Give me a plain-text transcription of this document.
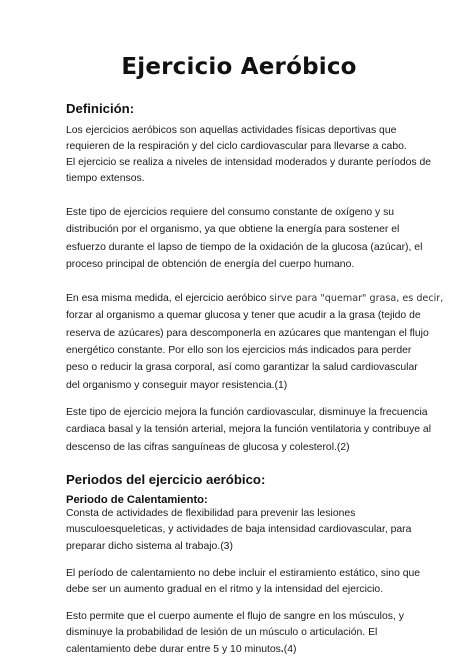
Ejercicio Aeróbico
Definición:

Los ejercicios aeróbicos son aquellas actividades físicas deportivas que
requieren de la respiración y del ciclo cardiovascular para llevarse a cabo.
El ejercicio se realiza a niveles de intensidad moderados y durante períodos de
tiempo extensos.

Este tipo de ejercicios requiere del consumo constante de oxígeno y su
distribución por el organismo, ya que obtiene la energía para sostener el
esfuerzo durante el lapso de tiempo de la oxidación de la glucosa (azúcar), el
proceso principal de obtención de energía del cuerpo humano.

En esa misma medida, el ejercicio aeróbico sirve para "quemar" grasa, es decir,
forzar al organismo a quemar glucosa y tener que acudir a la grasa (tejido de
reserva de azúcares) para descomponerla en azúcares que mantengan el flujo
energético constante. Por ello son los ejercicios más indicados para perder
peso o reducir la grasa corporal, así como garantizar la salud cardiovascular
del organismo y conseguir mayor resistencia.(1)

Este tipo de ejercicio mejora la función cardiovascular, disminuye la frecuencia
cardiaca basal y la tensión arterial, mejora la función ventilatoria y contribuye al
descenso de las cifras sanguíneas de glucosa y colesterol.(2)

Periodos del ejercicio aeróbico:
Periodo de Calentamiento:

Consta de actividades de flexibilidad para prevenir las lesiones
musculoesqueleticas, y actividades de baja intensidad cardiovascular, para
preparar dicho sistema al trabajo.(3)

El período de calentamiento no debe incluir el estiramiento estático, sino que
debe ser un aumento gradual en el ritmo y la intensidad del ejercicio.

Esto permite que el cuerpo aumente el flujo de sangre en los músculos, y
disminuye la probabilidad de lesión de un músculo o articulación. El
calentamiento debe durar entre 5 y 10 minutos.(4)
